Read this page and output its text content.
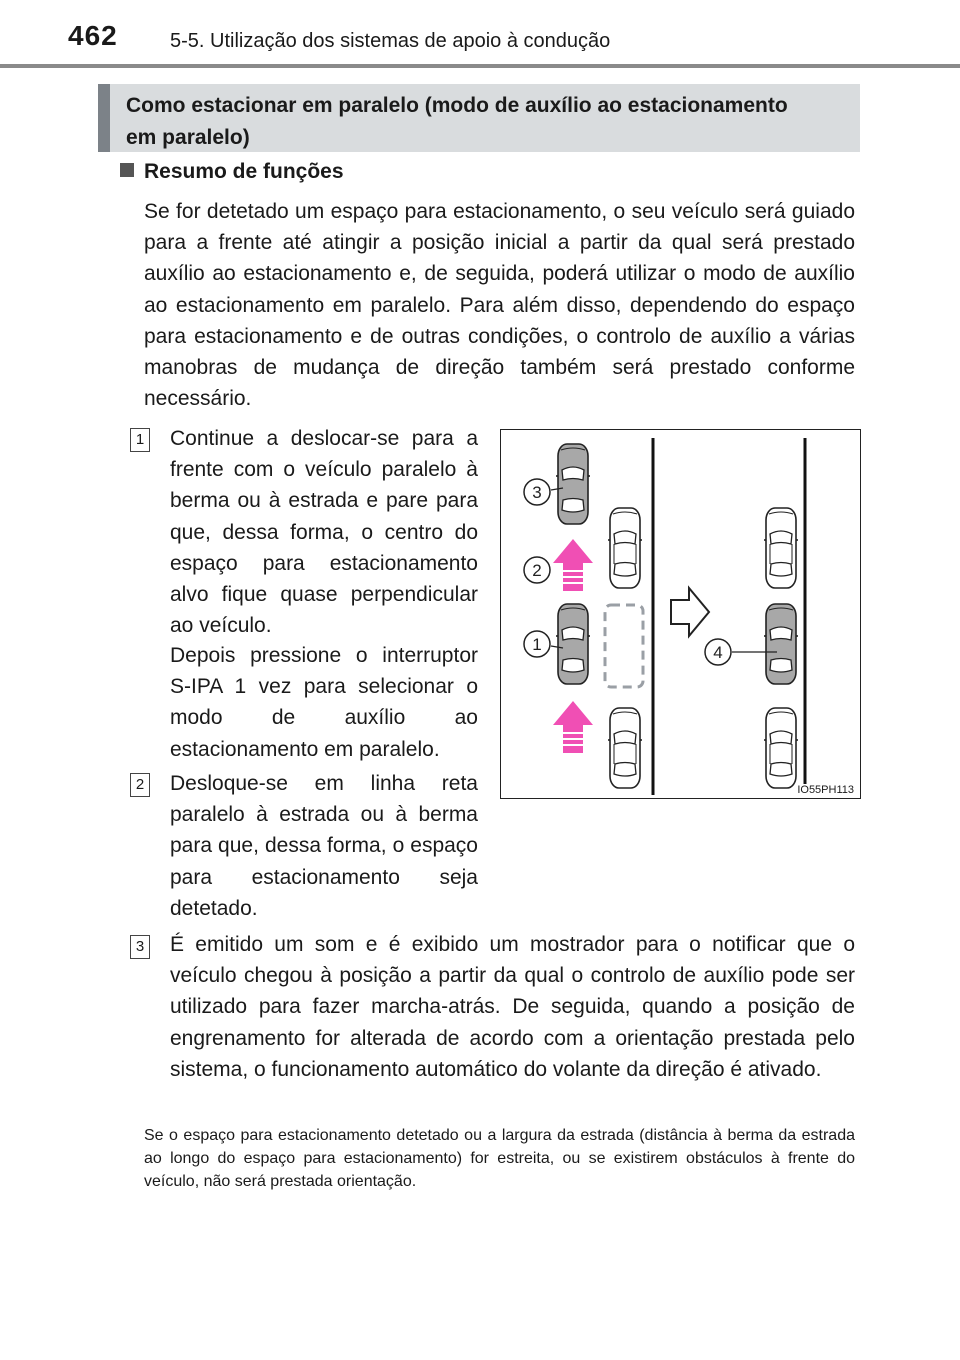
462	5-5. Utilização dos sistemas de apoio à condução
Como estacionar em paralelo (modo de auxílio ao estacionamento
em paralelo)
Resumo de funções
Se for detetado um espaço para estacionamento, o seu veículo será guiado para a frente até atingir a posição inicial a partir da qual será prestado auxílio ao estacionamento e, de seguida, poderá utilizar o modo de auxílio ao estacionamento em paralelo. Para além disso, dependendo do espaço para estacionamento e de outras condições, o controlo de auxílio a várias manobras de mudança de direção também será prestado conforme necessário.
1 Continue a deslocar-se para a frente com o veículo paralelo à berma ou à estrada e pare para que, dessa forma, o centro do espaço para estacionamento alvo fique quase perpendicular ao veículo.
Depois pressione o interruptor S-IPA 1 vez para selecionar o modo de auxílio ao estacionamento em paralelo.
2 Desloque-se em linha reta paralelo à estrada ou à berma para que, dessa forma, o espaço para estacionamento seja detetado.
3 É emitido um som e é exibido um mostrador para o notificar que o veículo chegou à posição a partir da qual o controlo de auxílio pode ser utilizado para fazer marcha-atrás. De seguida, quando a posição de engrenamento for alterada de acordo com a orientação prestada pelo sistema, o funcionamento automático do volante da direção é ativado.
Se o espaço para estacionamento detetado ou a largura da estrada (distância à berma da estrada ao longo do espaço para estacionamento) for estreita, ou se existirem obstáculos à frente do veículo, não será prestada orientação.
3
2
1	4
IO55PH113
